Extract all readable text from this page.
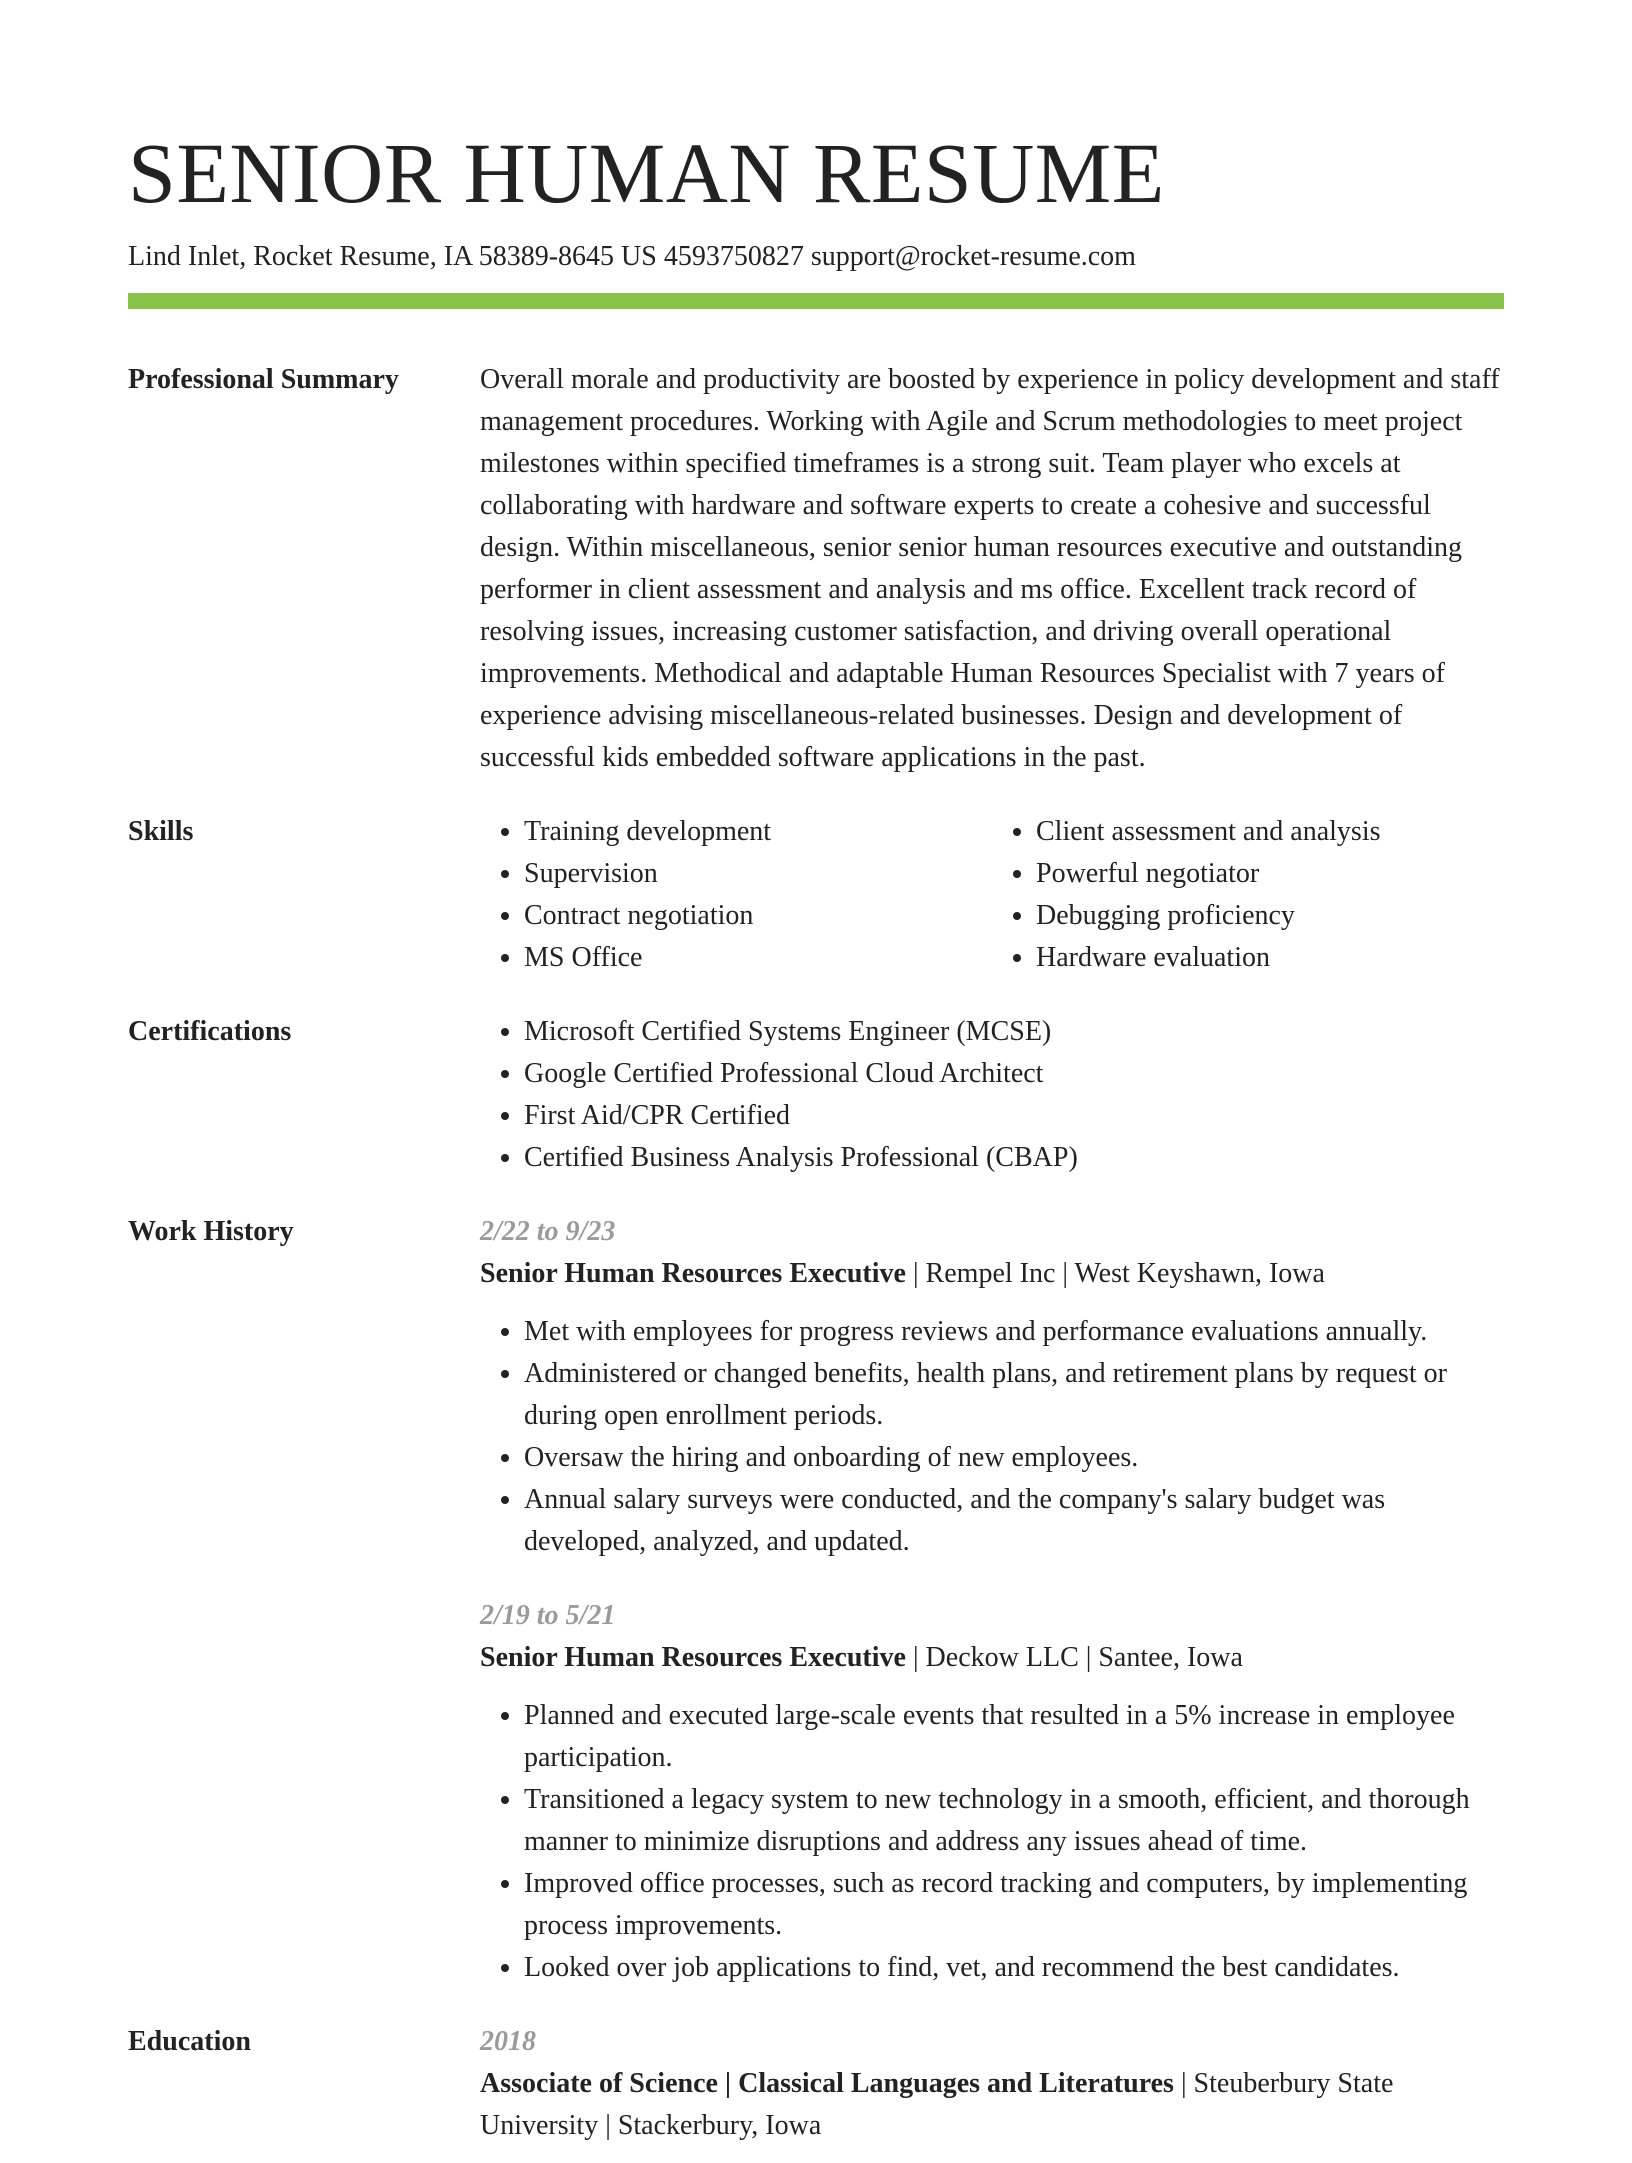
SENIOR HUMAN RESUME
Lind Inlet, Rocket Resume, IA 58389-8645 US 4593750827 support@rocket-resume.com
Professional Summary	Overall morale and productivity are boosted by experience in policy development and staff management procedures. Working with Agile and Scrum methodologies to meet project milestones within specified timeframes is a strong suit. Team player who excels at collaborating with hardware and software experts to create a cohesive and successful design. Within miscellaneous, senior senior human resources executive and outstanding performer in client assessment and analysis and ms office. Excellent track record of resolving issues, increasing customer satisfaction, and driving overall operational improvements. Methodical and adaptable Human Resources Specialist with 7 years of experience advising miscellaneous-related businesses. Design and development of successful kids embedded software applications in the past.

Skills	• Training development
• Supervision
• Contract negotiation
• MS Office
• Client assessment and analysis
• Powerful negotiator
• Debugging proficiency
• Hardware evaluation
Certifications	• Microsoft Certified Systems Engineer (MCSE)
• Google Certified Professional Cloud Architect
• First Aid/CPR Certified
• Certified Business Analysis Professional (CBAP)
Work History	2/22 to 9/23

Senior Human Resources Executive | Rempel Inc | West Keyshawn, Iowa

• Met with employees for progress reviews and performance evaluations annually.
• Administered or changed benefits, health plans, and retirement plans by request or during open enrollment periods.
• Oversaw the hiring and onboarding of new employees.
• Annual salary surveys were conducted, and the company's salary budget was developed, analyzed, and updated.

2/19 to 5/21

Senior Human Resources Executive | Deckow LLC | Santee, Iowa

• Planned and executed large-scale events that resulted in a 5% increase in employee participation.
• Transitioned a legacy system to new technology in a smooth, efficient, and thorough manner to minimize disruptions and address any issues ahead of time.
• Improved office processes, such as record tracking and computers, by implementing process improvements.
• Looked over job applications to find, vet, and recommend the best candidates.
Education	2018

Associate of Science | Classical Languages and Literatures | Steuberbury State University | Stackerbury, Iowa
